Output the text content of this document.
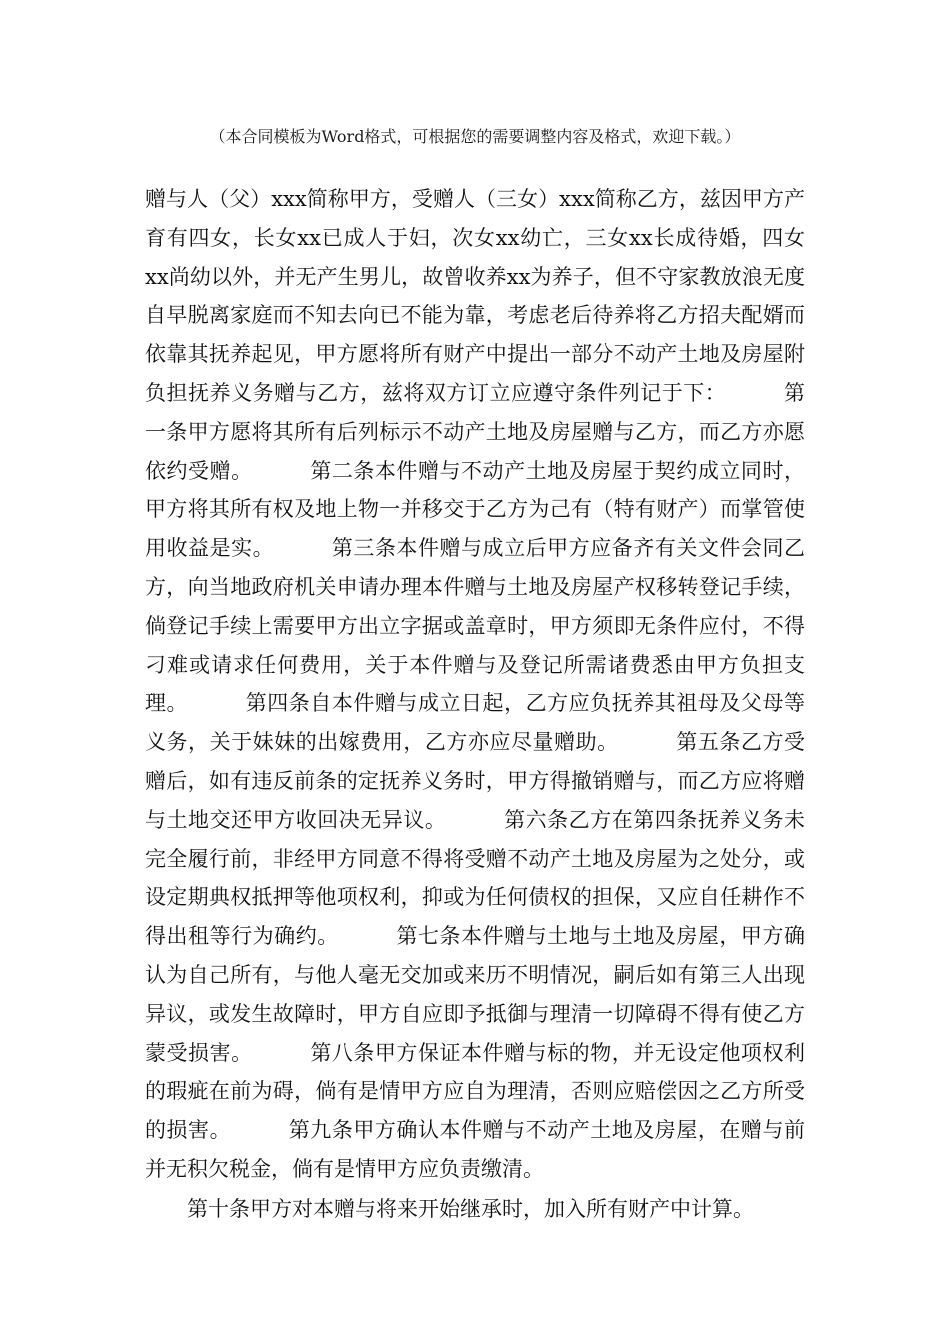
（本合同模板为Word格式，可根据您的需要调整内容及格式，欢迎下载。）

赠与人（父）xxx简称甲方，受赠人（三女）xxx简称乙方，兹因甲方产育有四女，长女xx已成人于妇，次女xx幼亡，三女xx长成待婚，四女xx尚幼以外，并无产生男儿，故曾收养xx为养子，但不守家教放浪无度自早脱离家庭而不知去向已不能为靠，考虑老后待养将乙方招夫配婿而依靠其抚养起见，甲方愿将所有财产中提出一部分不动产土地及房屋附负担抚养义务赠与乙方，兹将双方订立应遵守条件列记于下：	第一条甲方愿将其所有后列标示不动产土地及房屋赠与乙方，而乙方亦愿依约受赠。	第二条本件赠与不动产土地及房屋于契约成立同时，甲方将其所有权及地上物一并移交于乙方为己有（特有财产）而掌管使用收益是实。	第三条本件赠与成立后甲方应备齐有关文件会同乙方，向当地政府机关申请办理本件赠与土地及房屋产权移转登记手续，倘登记手续上需要甲方出立字据或盖章时，甲方须即无条件应付，不得刁难或请求任何费用，关于本件赠与及登记所需诸费悉由甲方负担支理。	第四条自本件赠与成立日起，乙方应负抚养其祖母及父母等义务，关于妹妹的出嫁费用，乙方亦应尽量赠助。	第五条乙方受赠后，如有违反前条的定抚养义务时，甲方得撤销赠与，而乙方应将赠与土地交还甲方收回决无异议。	第六条乙方在第四条抚养义务未完全履行前，非经甲方同意不得将受赠不动产土地及房屋为之处分，或设定期典权抵押等他项权利，抑或为任何债权的担保，又应自任耕作不得出租等行为确约。	第七条本件赠与土地与土地及房屋，甲方确认为自己所有，与他人毫无交加或来历不明情况，嗣后如有第三人出现异议，或发生故障时，甲方自应即予抵御与理清一切障碍不得有使乙方蒙受损害。	第八条甲方保证本件赠与标的物，并无设定他项权利的瑕疵在前为碍，倘有是情甲方应自为理清，否则应赔偿因之乙方所受的损害。	第九条甲方确认本件赠与不动产土地及房屋，在赠与前并无积欠税金，倘有是情甲方应负责缴清。

第十条甲方对本赠与将来开始继承时，加入所有财产中计算。
